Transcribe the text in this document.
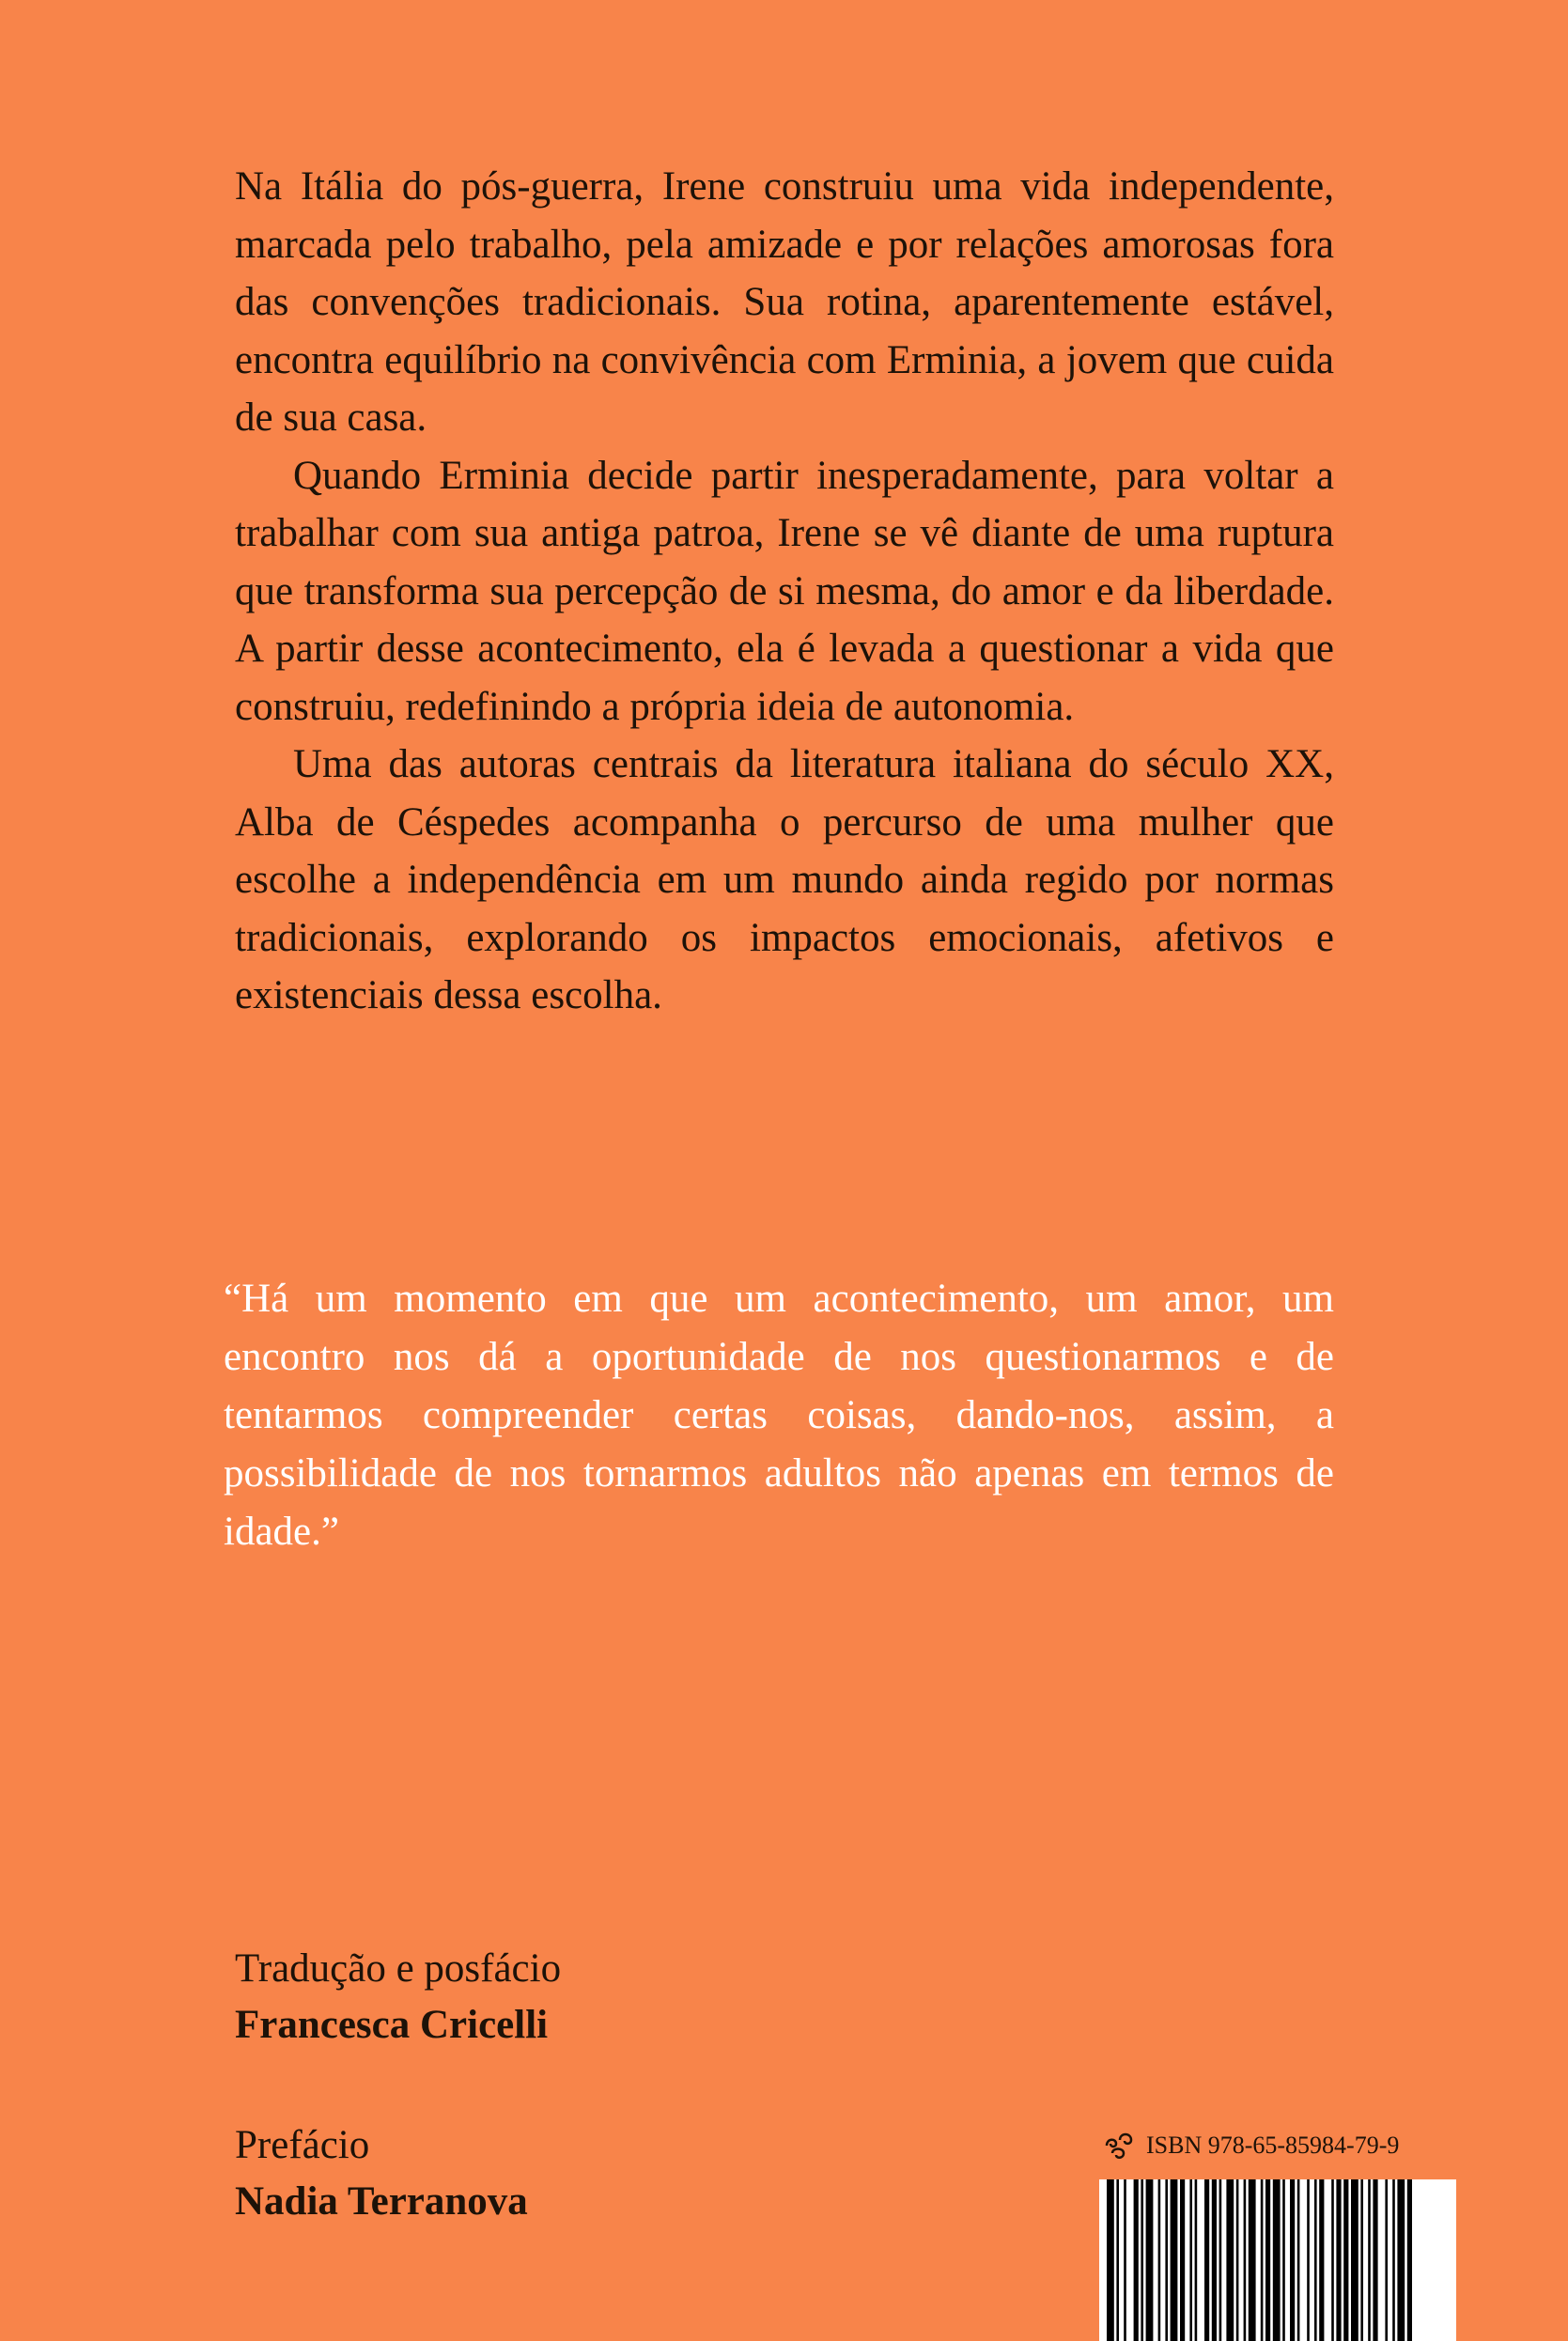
Na Itália do pós-guerra, Irene construiu uma vida independente, marcada pelo trabalho, pela amizade e por relações amorosas fora das convenções tradicionais. Sua rotina, aparentemente estável, encontra equilíbrio na convivência com Erminia, a jovem que cuida de sua casa.

Quando Erminia decide partir inesperadamente, para voltar a trabalhar com sua antiga patroa, Irene se vê diante de uma ruptura que transforma sua percepção de si mesma, do amor e da liberdade. A partir desse acontecimento, ela é levada a questionar a vida que construiu, redefinindo a própria ideia de autonomia.

Uma das autoras centrais da literatura italiana do século XX, Alba de Céspedes acompanha o percurso de uma mulher que escolhe a independência em um mundo ainda regido por normas tradicionais, explorando os impactos emocionais, afetivos e existenciais dessa escolha.

“Há um momento em que um acontecimento, um amor, um encontro nos dá a oportunidade de nos questionarmos e de tentarmos compreender certas coisas, dando-nos, assim, a possibilidade de nos tornarmos adultos não apenas em termos de idade.”

Tradução e posfácio
Francesca Cricelli
Prefácio
Nadia Terranova
ISBN 978-65-85984-79-9
